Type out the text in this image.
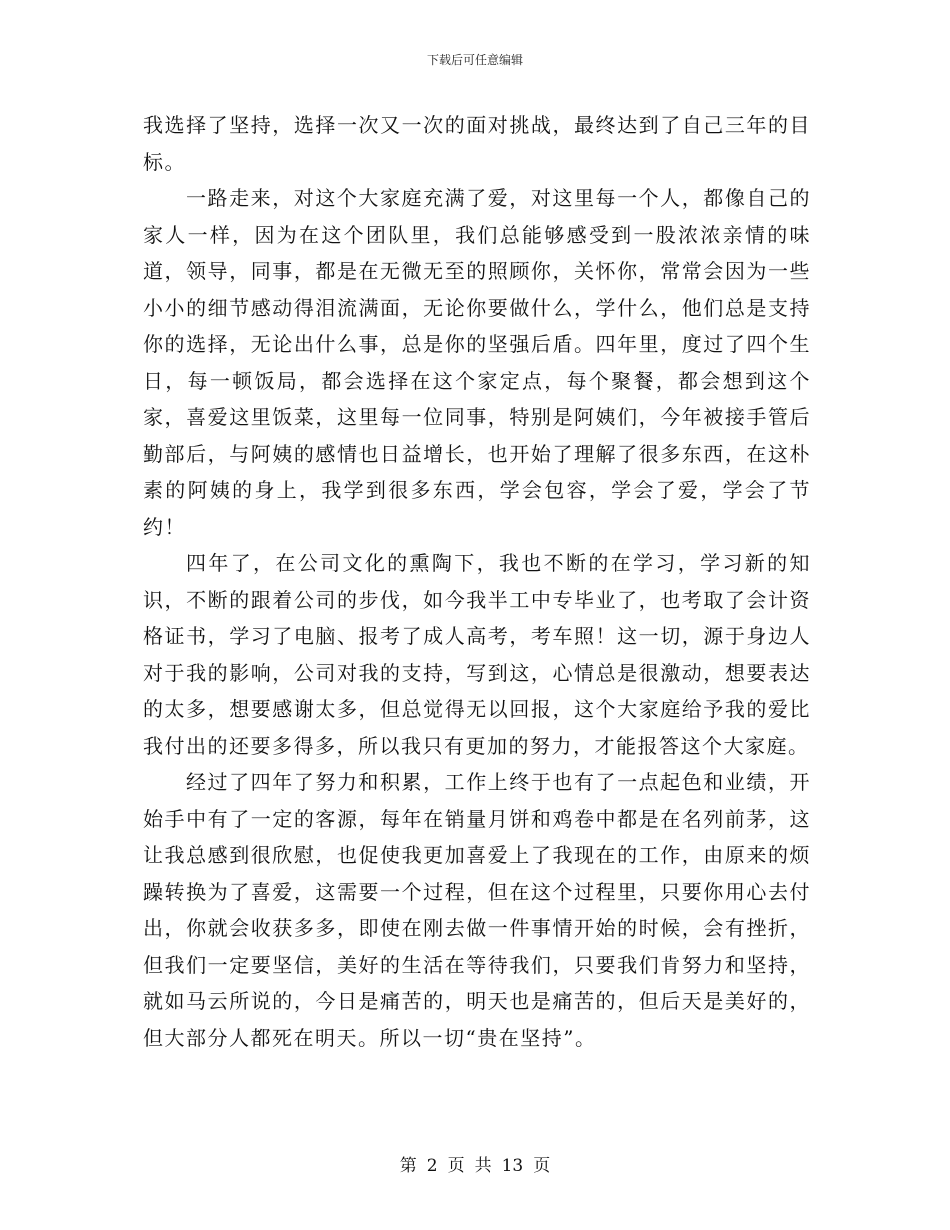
下载后可任意编辑

我选择了坚持，选择一次又一次的面对挑战，最终达到了自己三年的目标。

一路走来，对这个大家庭充满了爱，对这里每一个人，都像自己的家人一样，因为在这个团队里，我们总能够感受到一股浓浓亲情的味道，领导，同事，都是在无微无至的照顾你，关怀你，常常会因为一些小小的细节感动得泪流满面，无论你要做什么，学什么，他们总是支持你的选择，无论出什么事，总是你的坚强后盾。四年里，度过了四个生日，每一顿饭局，都会选择在这个家定点，每个聚餐，都会想到这个家，喜爱这里饭菜，这里每一位同事，特别是阿姨们，今年被接手管后勤部后，与阿姨的感情也日益增长，也开始了理解了很多东西，在这朴素的阿姨的身上，我学到很多东西，学会包容，学会了爱，学会了节约！

四年了，在公司文化的熏陶下，我也不断的在学习，学习新的知识，不断的跟着公司的步伐，如今我半工中专毕业了，也考取了会计资格证书，学习了电脑、报考了成人高考，考车照！这一切，源于身边人对于我的影响，公司对我的支持，写到这，心情总是很激动，想要表达的太多，想要感谢太多，但总觉得无以回报，这个大家庭给予我的爱比我付出的还要多得多，所以我只有更加的努力，才能报答这个大家庭。

经过了四年了努力和积累，工作上终于也有了一点起色和业绩，开始手中有了一定的客源，每年在销量月饼和鸡卷中都是在名列前茅，这让我总感到很欣慰，也促使我更加喜爱上了我现在的工作，由原来的烦躁转换为了喜爱，这需要一个过程，但在这个过程里，只要你用心去付出，你就会收获多多，即使在刚去做一件事情开始的时候，会有挫折，但我们一定要坚信，美好的生活在等待我们，只要我们肯努力和坚持，就如马云所说的，今日是痛苦的，明天也是痛苦的，但后天是美好的，但大部分人都死在明天。所以一切“贵在坚持”。

第 2 页 共 13 页
